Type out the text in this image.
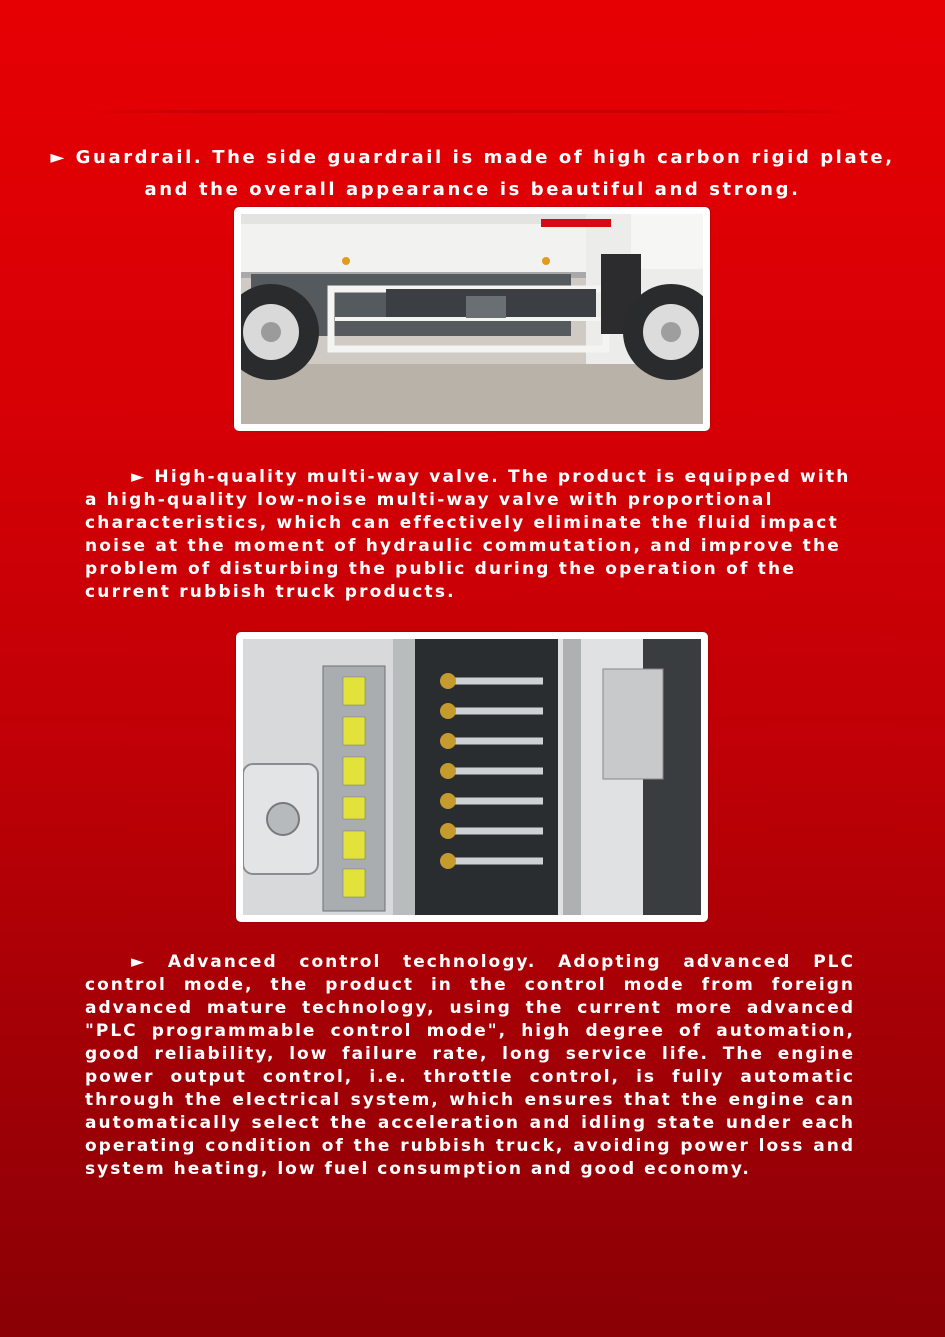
► Guardrail. The side guardrail is made of high carbon rigid plate, and the overall appearance is beautiful and strong.

► High-quality multi-way valve. The product is equipped with a high-quality low-noise multi-way valve with proportional characteristics, which can effectively eliminate the fluid impact noise at the moment of hydraulic commutation, and improve the problem of disturbing the public during the operation of the current rubbish truck products.

► Advanced control technology. Adopting advanced PLC control mode, the product in the control mode from foreign advanced mature technology, using the current more advanced "PLC programmable control mode", high degree of automation, good reliability, low failure rate, long service life. The engine power output control, i.e. throttle control, is fully automatic through the electrical system, which ensures that the engine can automatically select the acceleration and idling state under each operating condition of the rubbish truck, avoiding power loss and system heating, low fuel consumption and good economy.
